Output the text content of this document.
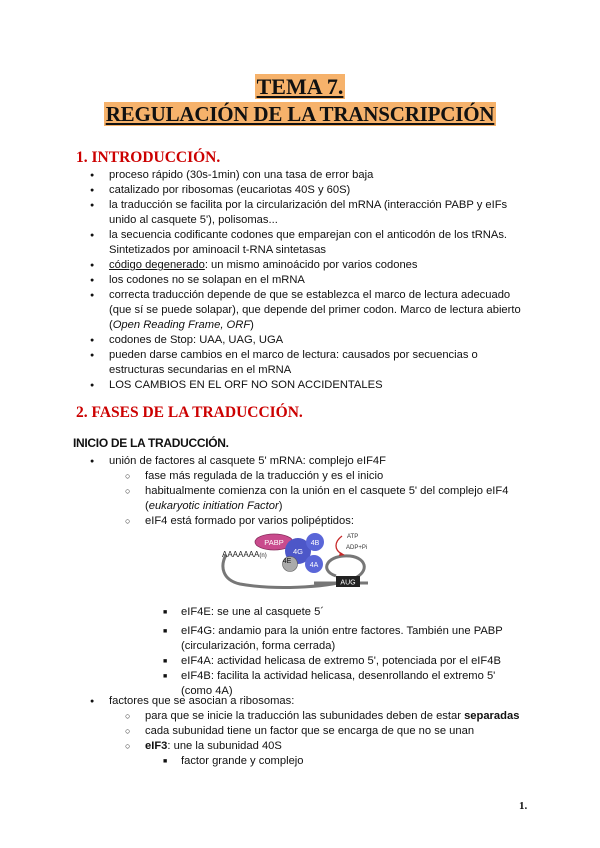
TEMA 7.
REGULACIÓN DE LA TRANSCRIPCIÓN
1. INTRODUCCIÓN.
● proceso rápido (30s-1min) con una tasa de error baja
● catalizado por ribosomas (eucariotas 40S y 60S)
● la traducción se facilita por la circularización del mRNA (interacción PABP y eIFs unido al casquete 5'), polisomas...
● la secuencia codificante codones que emparejan con el anticodón de los tRNAs. Sintetizados por aminoacil t-RNA sintetasas
● código degenerado: un mismo aminoácido por varios codones
● los codones no se solapan en el mRNA
● correcta traducción depende de que se establezca el marco de lectura adecuado (que sí se puede solapar), que depende del primer codon. Marco de lectura abierto (Open Reading Frame, ORF)
● codones de Stop: UAA, UAG, UGA
● pueden darse cambios en el marco de lectura: causados por secuencias o estructuras secundarias en el mRNA
● LOS CAMBIOS EN EL ORF NO SON ACCIDENTALES
2. FASES DE LA TRADUCCIÓN.
INICIO DE LA TRADUCCIÓN.
● unión de factores al casquete 5' mRNA: complejo eIF4F
○ fase más regulada de la traducción y es el inicio
○ habitualmente comienza con la unión en el casquete 5' del complejo eIF4 (eukaryotic initiation Factor)
○ eIF4 está formado por varios polipéptidos:
AUG
AAAAAAA(n)
PABP
4G
4B
4A
4E
ATP
ADP+Pi
■ eIF4E: se une al casquete 5´
■ eIF4G: andamio para la unión entre factores. También une PABP (circularización, forma cerrada)
■ eIF4A: actividad helicasa de extremo 5', potenciada por el eIF4B
■ eIF4B: facilita la actividad helicasa, desenrollando el extremo 5' (como 4A)
● factores que se asocian a ribosomas:
○ para que se inicie la traducción las subunidades deben de estar separadas
○ cada subunidad tiene un factor que se encarga de que no se unan
○ eIF3: une la subunidad 40S
■ factor grande y complejo
1.
